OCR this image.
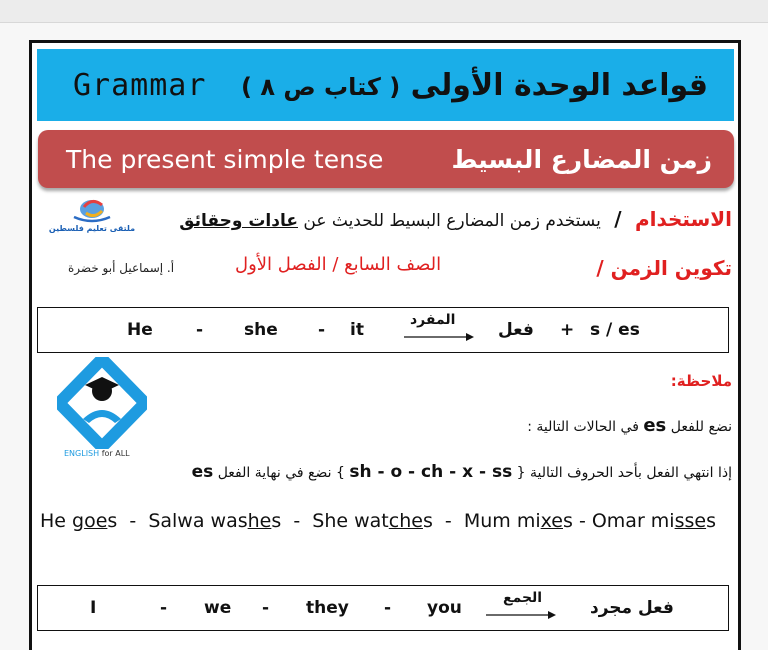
Grammar	قواعد الوحدة الأولى ( كتاب ص ٨ )
The present simple tense	زمن المضارع البسيط
ملتقى تعليم فلسطين	الاستخدام / يستخدم زمن المضارع البسيط للحديث عن عادات وحقائق
تكوين الزمن /
الصف السابع / الفصل الأول
أ. إسماعيل أبو خضرة
He	- she - it	المفرد	فعل + s / es
ENGLISH for ALL
ملاحظة:
نضع للفعل es في الحالات التالية :
إذا انتهي الفعل بأحد الحروف التالية { sh - o - ch - x - ss } نضع في نهاية الفعل es
He goes  -  Salwa washes  -  She watches  -  Mum mixes - Omar misses
I	- we - they - you	الجمع	فعل مجرد
